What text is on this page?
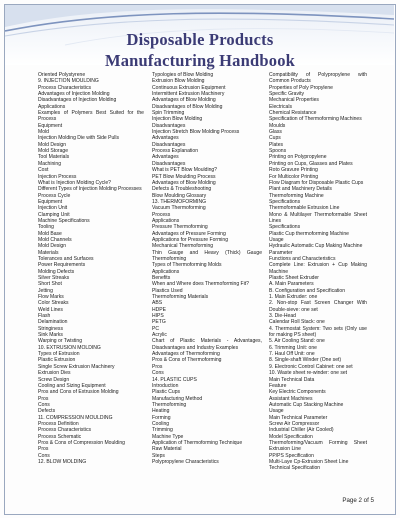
Disposable Products
Manufacturing Handbook
Oriented Polystyrene
9. INJECTION MOULDING
Process Characteristics
Advantages of Injection Molding
Disadvantages of Injection Molding
Applications
Examples of Polymers Best Suited for the Process
Equipment
Mold
Injection Molding Die with Side Pulls
Mold Design
Mold Storage
Tool Materials
Machining
Cost
Injection Process
What is Injection Molding Cycle?
Different Types of Injection Molding Processes
Process Cycle
Equipment
Injection Unit
Clamping Unit
Machine Specifications
Tooling
Mold Base
Mold Channels
Mold Design
Materials
Tolerances and Surfaces
Power Requirements
Molding Defects
Silver Streaks
Short Shot
Jetting
Flow Marks
Color Streaks
Weld Lines
Flash
Delamination
Stringiness
Sink Marks
Warping or Twisting
10. EXTRUSION MOLDING
Types of Extrusion
Plastic Extrusion
Single Screw Extrusion Machinery
Extrusion Dies
Screw Design
Cooling and Sizing Equipment
Pros and Cons of Extrusion Molding
Pros
Cons
Defects
11. COMPRESSION MOULDING
Process Definition
Process Characteristics
Process Schematic
Pros & Cons of Compression Moulding
Pros
Cons
12. BLOW MOLDING
Typologies of Blow Molding
Extrusion Blow Molding
Continuous Extrusion Equipment
Intermittent Extrusion Machinery
Advantages of Blow Molding
Disadvantages of Blow Molding
Spin Trimming
Injection Blow Molding
Disadvantages
Injection Stretch Blow Molding Process
Advantages
Disadvantages
Process Explanation
Advantages
Disadvantages
What is PET Blow Moulding?
PET Blow Moulding Process
Advantages of Blow Molding
Defects & Troubleshooting
Blow Moulding Glossary
13. THERMOFORMING
Vacuum Thermoforming
Process
Applications
Pressure Thermoforming
Advantages of Pressure Forming
Applications for Pressure Forming
Mechanical Thermoforming
Thin Gauge and Heavy (Thick) Gauge Thermoforming
Types of Thermoforming Molds
Applications
Benefits
When and Where does Thermoforming Fit?
Plastics Used
Thermoforming Materials
ABS
HDPE
HIPS
PETG
PC
Acrylic
Chart of Plastic Materials - Advantages, Disadvantages and Industry Examples
Advantages of Thermoforming
Pros & Cons of Thermoforming
Pros
Cons
14. PLASTIC CUPS
Introduction
Plastic Cups
Manufacturing Method
Thermoforming
Heating
Forming
Cooling
Trimming
Machine Type
Application of Thermoforming Technique
Raw Material
Steps
Polypropylene Characteristics
Compatibility of Polypropylene with Common Products
Properties of Poly Propylene
Specific Gravity
Mechanical Properties
Electricals
Chemical Resistance
Specification of Thermoforming Machines
Moulds
Glass
Cups
Plates
Spoons
Printing on Polypropylene
Printing on Cups, Glasses and Plates
Roto Gravure Printing
For Multicolor Printing
Flow Diagram for Disposable Plastic Cups
Plant and Machinery Details
Thermoforming Machine
Specifications
Thermoformable Extrusion Line
Mono & Multilayer Thermoformable Sheet Lines
Specifications
Plastic Cup thermoforming Machine
Usage
Hydraulic Automatic Cup Making Machine
Parameter
Functions and Characteristics
Complete Line: Extrusion + Cup Making Machine
Plastic Sheet Extruder
A. Main Parameters
B. Configuration and Specification
1. Main Extruder: one
2. Non-stop Fast Screen Changer With Double-sieve: one set
3. Die-Head
Calendar Roll Stack: one
4. Thermostat System: Two sets (Only use for making PS sheet)
5. Air Cooling Stand: one
6. Trimming Unit: one
7. Haul Off Unit: one
8. Single-shaft Winder (One set)
9. Electronic Control Cabinet: one set
10. Waste sheet re-winder: one set
Main Technical Data
Feature
Key Electric Components
Assistant Machines
Automatic Cup Stacking Machine
Usage
Main Technical Parameter
Screw Air Compressor
Industrial Chiller (Air Cooled)
Model Specification
Thermoforming/Vacuum Forming Sheet Extrusion Line
PP/PS Specification
Multi-Laye Cp-Extrusion Sheet Line
Technical Specification
Page 2 of 5
